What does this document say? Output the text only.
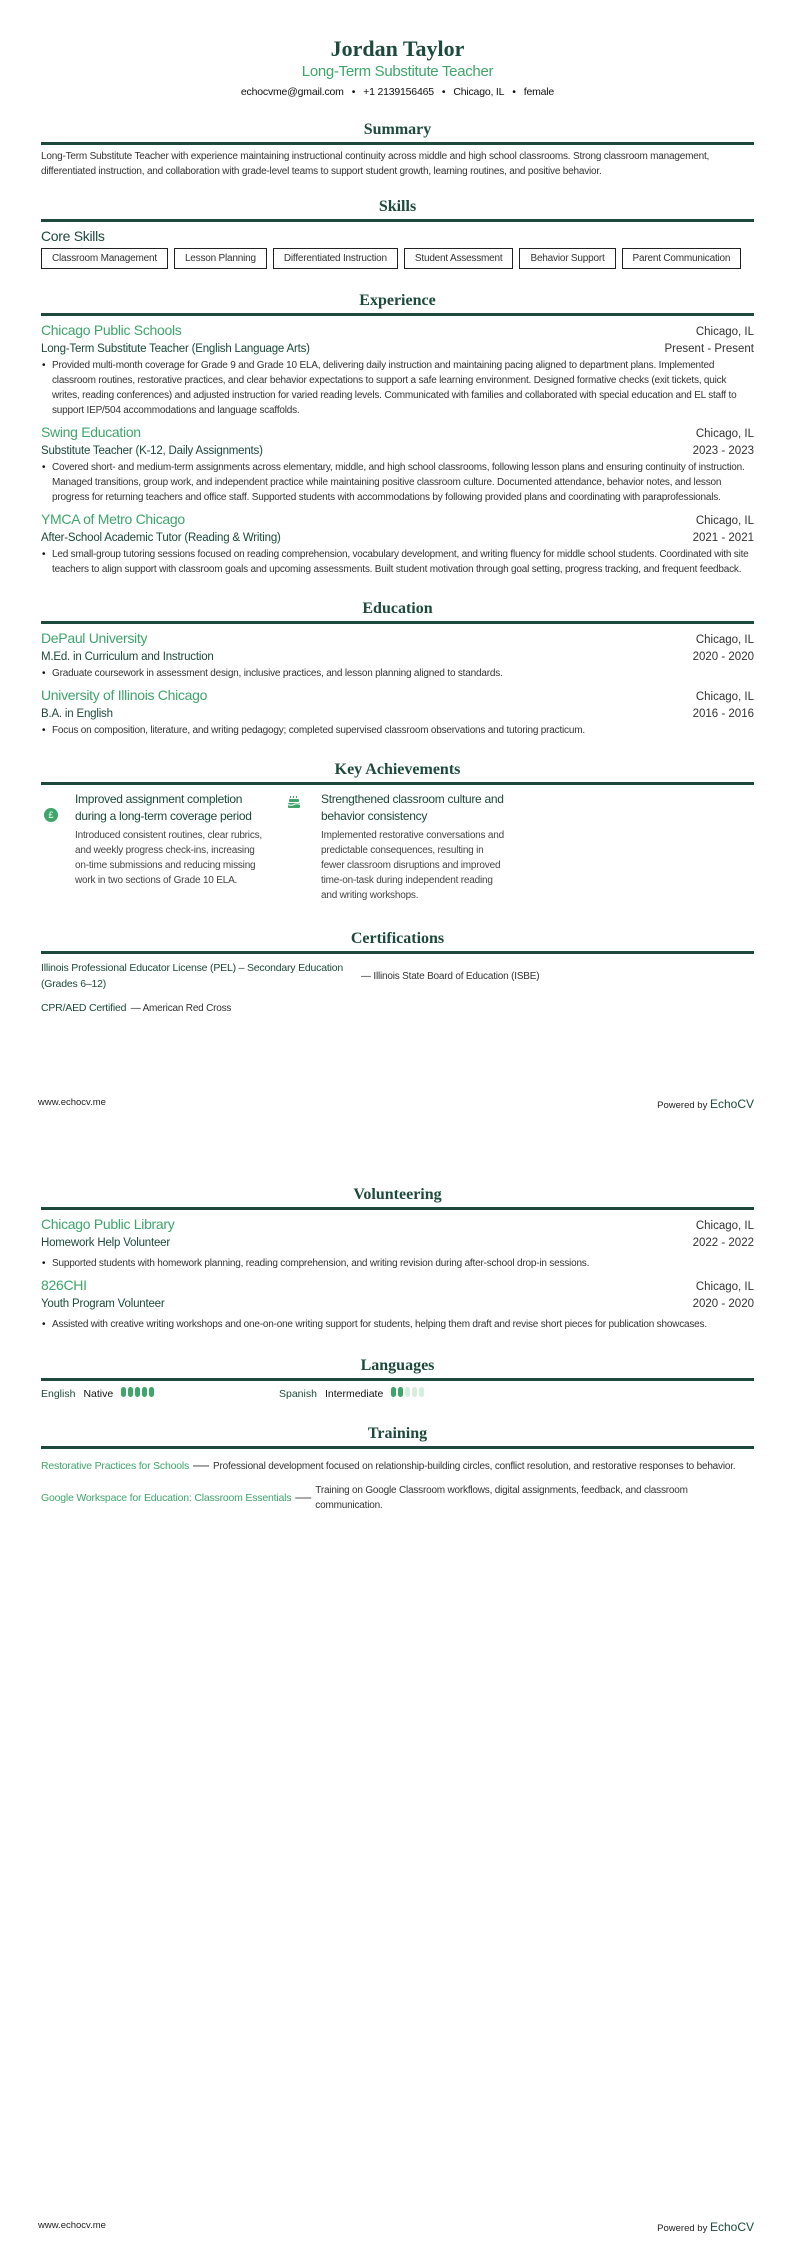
Jordan Taylor
Long-Term Substitute Teacher
echocvme@gmail.com • +1 2139156465 • Chicago, IL • female
Summary
Long-Term Substitute Teacher with experience maintaining instructional continuity across middle and high school classrooms. Strong classroom management, differentiated instruction, and collaboration with grade-level teams to support student growth, learning routines, and positive behavior.
Skills
Core Skills
Classroom Management	Lesson Planning	Differentiated Instruction	Student Assessment	Behavior Support	Parent Communication
Experience
Chicago Public Schools	Chicago, IL
Long-Term Substitute Teacher (English Language Arts)	Present - Present
• Provided multi-month coverage for Grade 9 and Grade 10 ELA, delivering daily instruction and maintaining pacing aligned to department plans. Implemented classroom routines, restorative practices, and clear behavior expectations to support a safe learning environment. Designed formative checks (exit tickets, quick writes, reading conferences) and adjusted instruction for varied reading levels. Communicated with families and collaborated with special education and EL staff to support IEP/504 accommodations and language scaffolds.
Swing Education	Chicago, IL
Substitute Teacher (K-12, Daily Assignments)	2023 - 2023
• Covered short- and medium-term assignments across elementary, middle, and high school classrooms, following lesson plans and ensuring continuity of instruction. Managed transitions, group work, and independent practice while maintaining positive classroom culture. Documented attendance, behavior notes, and lesson progress for returning teachers and office staff. Supported students with accommodations by following provided plans and coordinating with paraprofessionals.
YMCA of Metro Chicago	Chicago, IL
After-School Academic Tutor (Reading & Writing)	2021 - 2021
• Led small-group tutoring sessions focused on reading comprehension, vocabulary development, and writing fluency for middle school students. Coordinated with site teachers to align support with classroom goals and upcoming assessments. Built student motivation through goal setting, progress tracking, and frequent feedback.
Education
DePaul University	Chicago, IL
M.Ed. in Curriculum and Instruction	2020 - 2020
• Graduate coursework in assessment design, inclusive practices, and lesson planning aligned to standards.
University of Illinois Chicago	Chicago, IL
B.A. in English	2016 - 2016
• Focus on composition, literature, and writing pedagogy; completed supervised classroom observations and tutoring practicum.
Key Achievements
£
Improved assignment completion during a long-term coverage period
Introduced consistent routines, clear rubrics, and weekly progress check-ins, increasing on-time submissions and reducing missing work in two sections of Grade 10 ELA.
Strengthened classroom culture and behavior consistency
Implemented restorative conversations and predictable consequences, resulting in fewer classroom disruptions and improved time-on-task during independent reading and writing workshops.
Certifications
Illinois Professional Educator License (PEL) – Secondary Education (Grades 6–12)
— Illinois State Board of Education (ISBE)
CPR/AED Certified — American Red Cross
www.echocv.me	Powered by EchoCV
Volunteering
Chicago Public Library	Chicago, IL
Homework Help Volunteer	2022 - 2022
• Supported students with homework planning, reading comprehension, and writing revision during after-school drop-in sessions.
826CHI	Chicago, IL
Youth Program Volunteer	2020 - 2020
• Assisted with creative writing workshops and one-on-one writing support for students, helping them draft and revise short pieces for publication showcases.
Languages
English Native	Spanish Intermediate
Training
Restorative Practices for Schools — Professional development focused on relationship-building circles, conflict resolution, and restorative responses to behavior.
Google Workspace for Education: Classroom Essentials — Training on Google Classroom workflows, digital assignments, feedback, and classroom communication.
www.echocv.me	Powered by EchoCV
